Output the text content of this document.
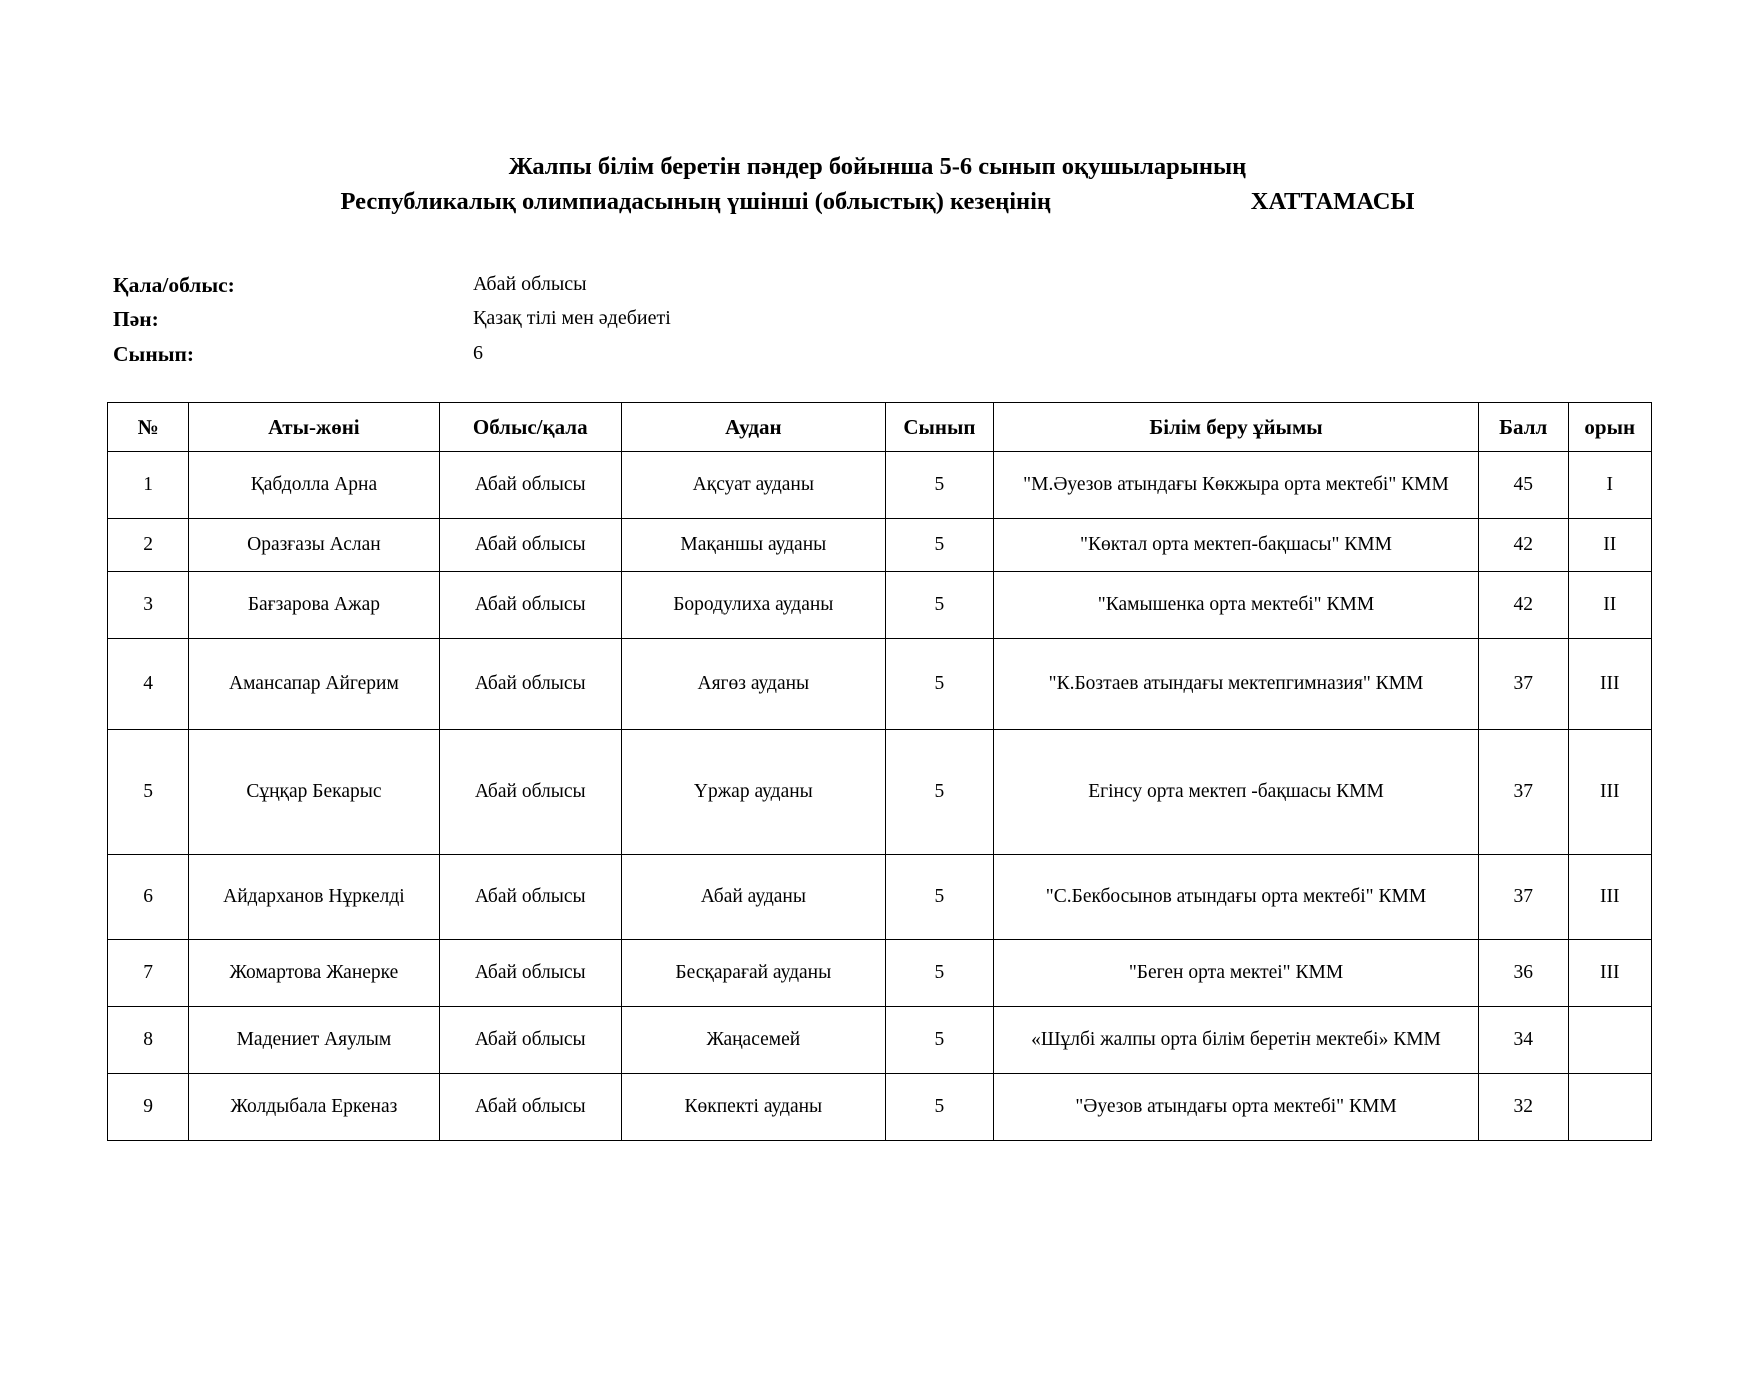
Жалпы білім беретін пәндер бойынша 5-6 сынып оқушыларының
Республикалық олимпиадасының үшінші (облыстық) кезеңінің	ХАТТАМАСЫ
Қала/облыс:	Абай облысы
Пән:	Қазақ тілі мен әдебиеті
Сынып:	6
№	Аты-жөні	Облыс/қала	Аудан	Сынып	Білім беру ұйымы	Балл	орын
1	Қабдолла Арна	Абай облысы	Ақсуат ауданы	5	"М.Әуезов атындағы Көкжыра орта мектебі" КММ	45	I
2	Оразғазы Аслан	Абай облысы	Мақаншы ауданы	5	"Көктал орта мектеп-бақшасы" КММ	42	II
3	Бағзарова Ажар	Абай облысы	Бородулиха ауданы	5	"Камышенка орта мектебі" КММ	42	II
4	Амансапар Айгерим	Абай облысы	Аягөз ауданы	5	"К.Бозтаев атындағы мектепгимназия" КММ	37	III
5	Сұңқар Бекарыс	Абай облысы	Үржар ауданы	5	Егінсу орта мектеп -бақшасы КММ	37	III
6	Айдарханов Нұркелді	Абай облысы	Абай ауданы	5	"С.Бекбосынов атындағы орта мектебі" КММ	37	III
7	Жомартова Жанерке	Абай облысы	Бесқарағай ауданы	5	"Беген орта мектеі" КММ	36	III
8	Мадениет Аяулым	Абай облысы	Жаңасемей	5	«Шұлбі жалпы орта білім беретін мектебі» КММ	34	
9	Жолдыбала Еркеназ	Абай облысы	Көкпекті ауданы	5	"Әуезов атындағы орта мектебі" КММ	32	
